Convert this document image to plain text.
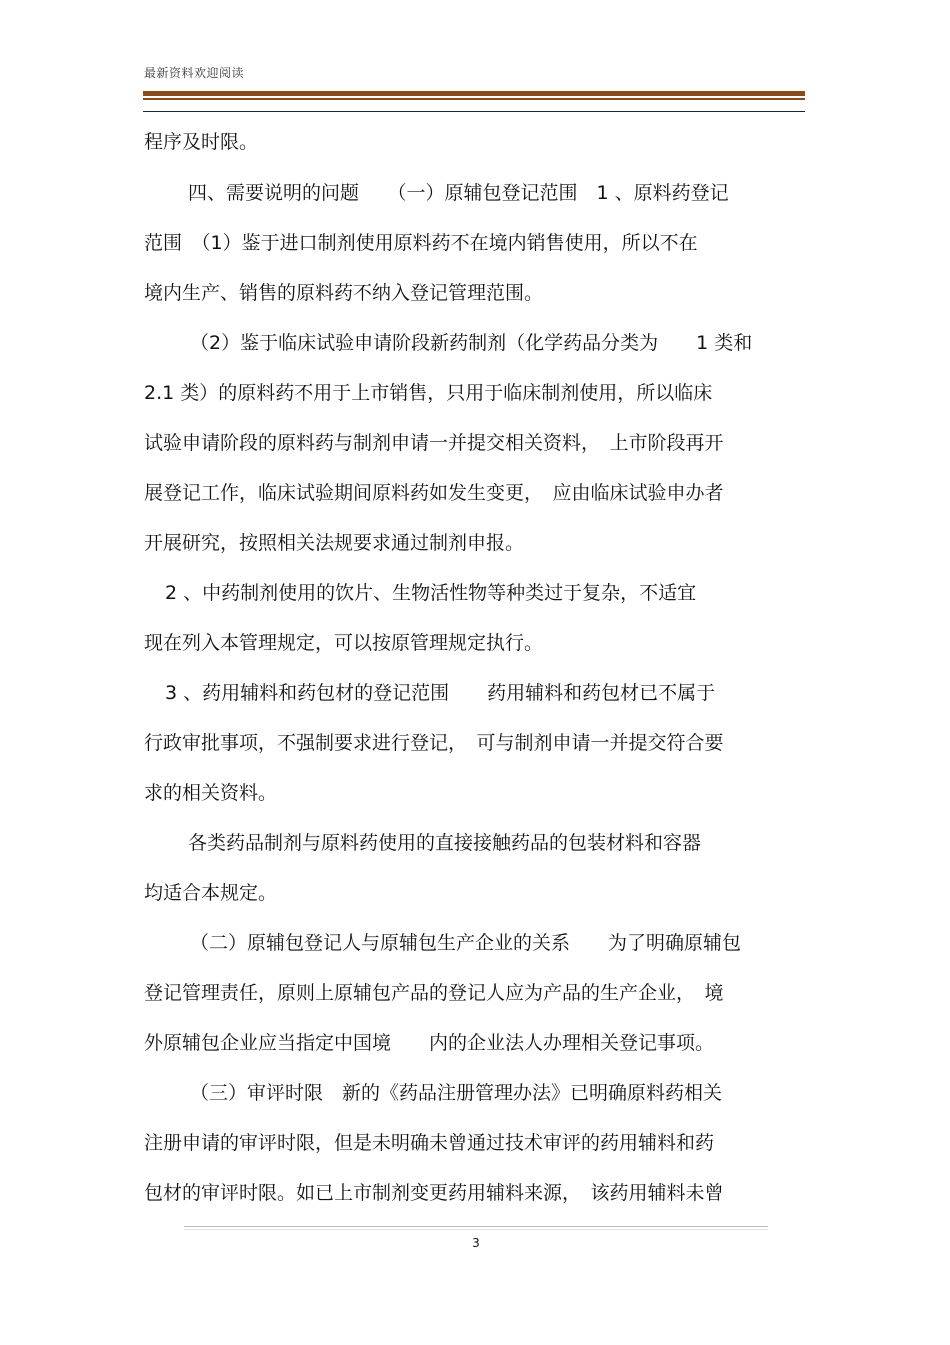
最新资料欢迎阅读
程序及时限。
四、需要说明的问题　　（一）原辅包登记范围　1 、原料药登记
范围　（1）鉴于进口制剂使用原料药不在境内销售使用，所以不在
境内生产、销售的原料药不纳入登记管理范围。
（2）鉴于临床试验申请阶段新药制剂（化学药品分类为　　1 类和
2.1 类）的原料药不用于上市销售，只用于临床制剂使用，所以临床
试验申请阶段的原料药与制剂申请一并提交相关资料，　上市阶段再开
展登记工作，临床试验期间原料药如发生变更，　应由临床试验申办者
开展研究，按照相关法规要求通过制剂申报。
2 、中药制剂使用的饮片、生物活性物等种类过于复杂，不适宜
现在列入本管理规定，可以按原管理规定执行。
3 、药用辅料和药包材的登记范围　　药用辅料和药包材已不属于
行政审批事项，不强制要求进行登记，　可与制剂申请一并提交符合要
求的相关资料。
各类药品制剂与原料药使用的直接接触药品的包装材料和容器
均适合本规定。
（二）原辅包登记人与原辅包生产企业的关系　　为了明确原辅包
登记管理责任，原则上原辅包产品的登记人应为产品的生产企业，　境
外原辅包企业应当指定中国境　　内的企业法人办理相关登记事项。
（三）审评时限　新的《药品注册管理办法》已明确原料药相关
注册申请的审评时限，但是未明确未曾通过技术审评的药用辅料和药
包材的审评时限。如已上市制剂变更药用辅料来源，　该药用辅料未曾
3
